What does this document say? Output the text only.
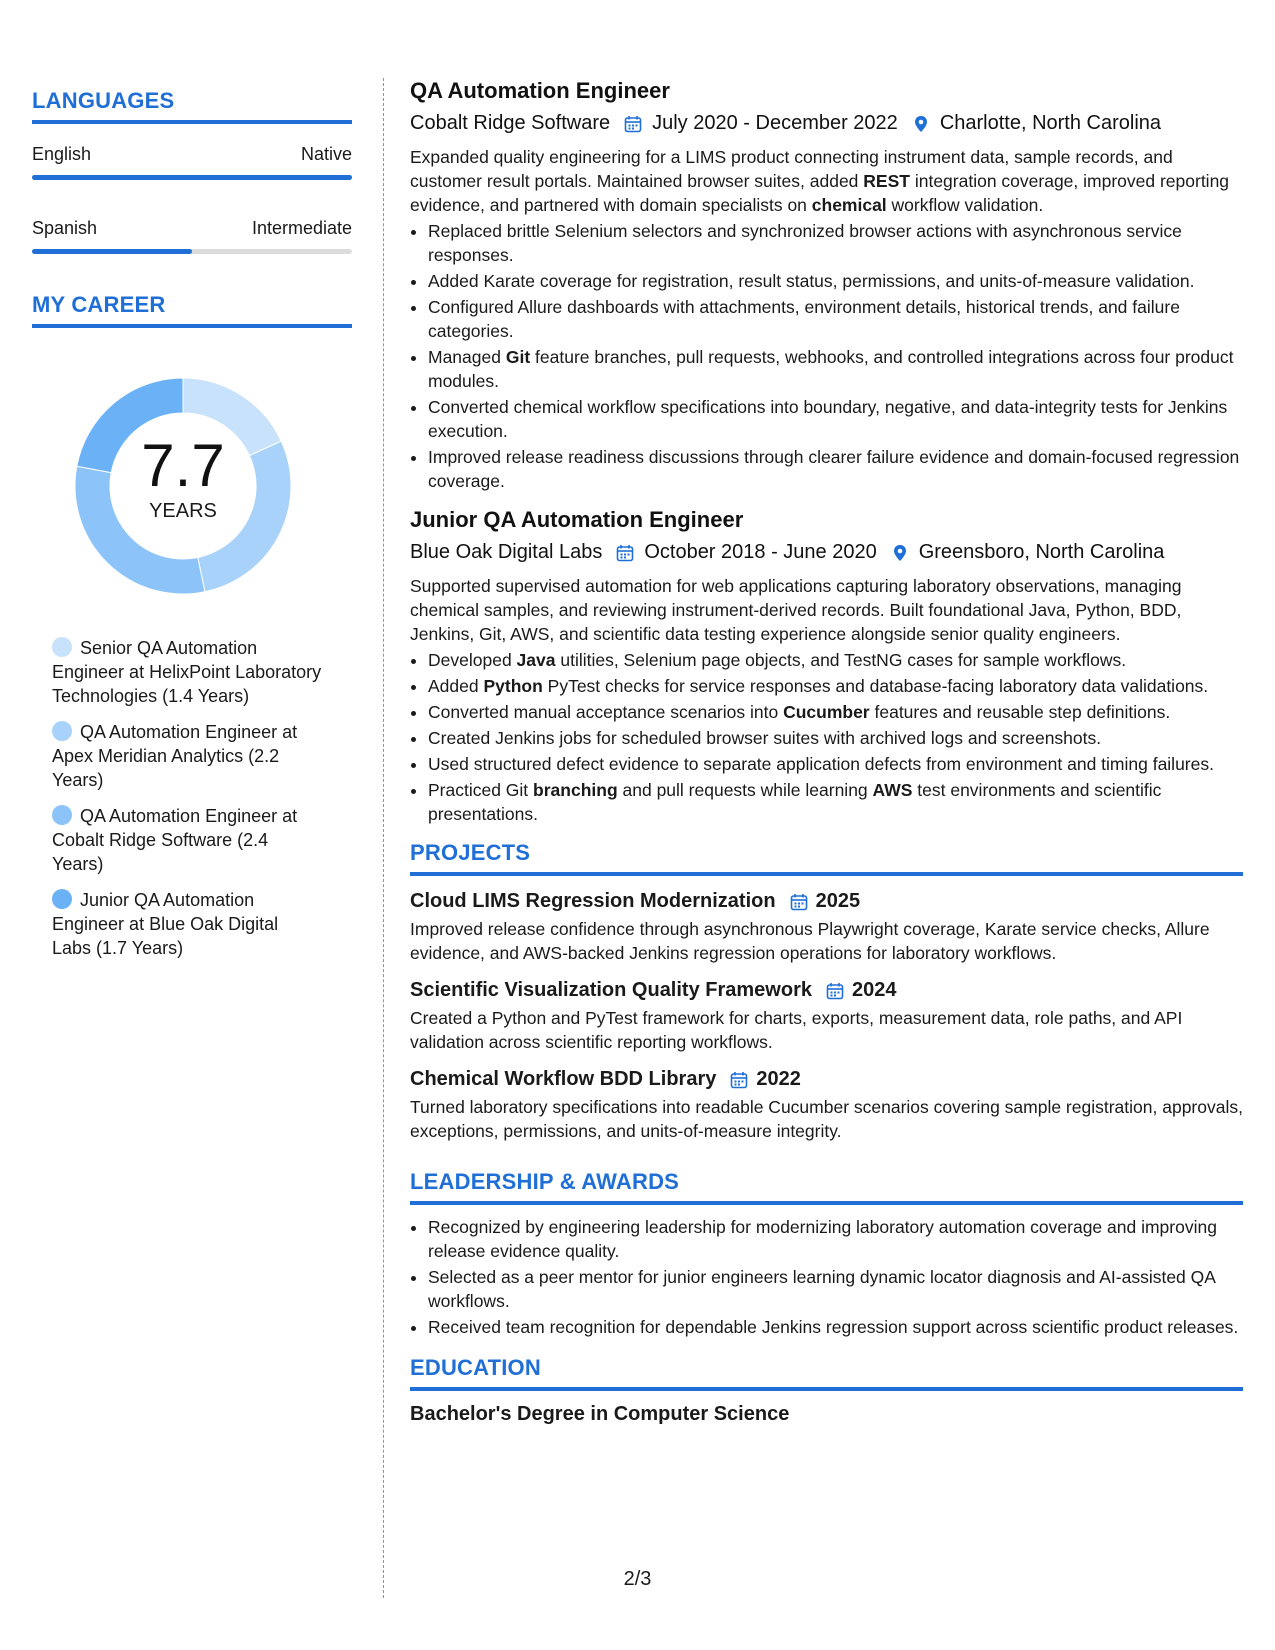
LANGUAGES
English	Native
Spanish	Intermediate
MY CAREER
7.7
YEARS
Senior QA Automation Engineer at HelixPoint Laboratory Technologies (1.4 Years)
QA Automation Engineer at Apex Meridian Analytics (2.2 Years)
QA Automation Engineer at Cobalt Ridge Software (2.4 Years)
Junior QA Automation Engineer at Blue Oak Digital Labs (1.7 Years)
QA Automation Engineer
Cobalt Ridge Software July 2020 - December 2022 Charlotte, North Carolina
Expanded quality engineering for a LIMS product connecting instrument data, sample records, and customer result portals. Maintained browser suites, added REST integration coverage, improved reporting evidence, and partnered with domain specialists on chemical workflow validation.
• Replaced brittle Selenium selectors and synchronized browser actions with asynchronous service responses.
• Added Karate coverage for registration, result status, permissions, and units-of-measure validation.
• Configured Allure dashboards with attachments, environment details, historical trends, and failure categories.
• Managed Git feature branches, pull requests, webhooks, and controlled integrations across four product modules.
• Converted chemical workflow specifications into boundary, negative, and data-integrity tests for Jenkins execution.
• Improved release readiness discussions through clearer failure evidence and domain-focused regression coverage.
Junior QA Automation Engineer
Blue Oak Digital Labs October 2018 - June 2020 Greensboro, North Carolina
Supported supervised automation for web applications capturing laboratory observations, managing chemical samples, and reviewing instrument-derived records. Built foundational Java, Python, BDD, Jenkins, Git, AWS, and scientific data testing experience alongside senior quality engineers.
• Developed Java utilities, Selenium page objects, and TestNG cases for sample workflows.
• Added Python PyTest checks for service responses and database-facing laboratory data validations.
• Converted manual acceptance scenarios into Cucumber features and reusable step definitions.
• Created Jenkins jobs for scheduled browser suites with archived logs and screenshots.
• Used structured defect evidence to separate application defects from environment and timing failures.
• Practiced Git branching and pull requests while learning AWS test environments and scientific presentations.
PROJECTS
Cloud LIMS Regression Modernization 2025
Improved release confidence through asynchronous Playwright coverage, Karate service checks, Allure evidence, and AWS-backed Jenkins regression operations for laboratory workflows.
Scientific Visualization Quality Framework 2024
Created a Python and PyTest framework for charts, exports, measurement data, role paths, and API validation across scientific reporting workflows.
Chemical Workflow BDD Library 2022
Turned laboratory specifications into readable Cucumber scenarios covering sample registration, approvals, exceptions, permissions, and units-of-measure integrity.
LEADERSHIP & AWARDS
• Recognized by engineering leadership for modernizing laboratory automation coverage and improving release evidence quality.
• Selected as a peer mentor for junior engineers learning dynamic locator diagnosis and AI-assisted QA workflows.
• Received team recognition for dependable Jenkins regression support across scientific product releases.
EDUCATION
Bachelor's Degree in Computer Science
2/3
